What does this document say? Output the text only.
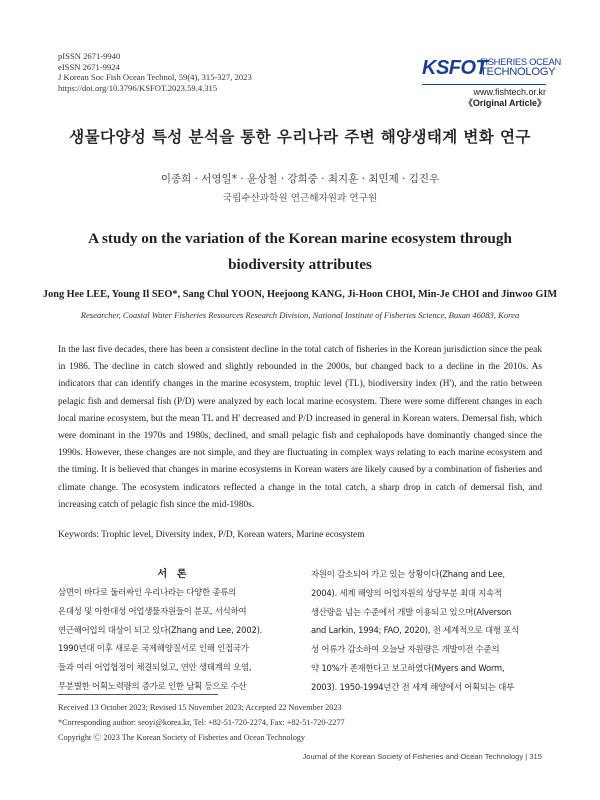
pISSN 2671-9940
eISSN 2671-9924
J Korean Soc Fish Ocean Technol, 59(4), 315-327, 2023
https://doi.org/10.3796/KSFOT.2023.59.4.315
KSFOT
FISHERIES OCEAN
TECHNOLOGY
www.fishtech.or.kr
《Original Article》
생물다양성 특성 분석을 통한 우리나라 주변 해양생태계 변화 연구
이종희 · 서영일* · 윤상철 · 강희중 · 최지훈 · 최민제 · 김진우
국립수산과학원 연근해자원과 연구원
A study on the variation of the Korean marine ecosystem through
biodiversity attributes
Jong Hee LEE, Young Il SEO*, Sang Chul YOON, Heejoong KANG, Ji-Hoon CHOI, Min-Je CHOI and Jinwoo GIM
Researcher, Coastal Water Fisheries Resources Research Division, National Institute of Fisheries Science, Busan 46083, Korea
In the last five decades, there has been a consistent decline in the total catch of fisheries in the Korean jurisdiction since the peak in 1986. The decline in catch slowed and slightly rebounded in the 2000s, but changed back to a decline in the 2010s. As indicators that can identify changes in the marine ecosystem, trophic level (TL), biodiversity index (H'), and the ratio between pelagic fish and demersal fish (P/D) were analyzed by each local marine ecosystem. There were some different changes in each local marine ecosystem, but the mean TL and H' decreased and P/D increased in general in Korean waters. Demersal fish, which were dominant in the 1970s and 1980s, declined, and small pelagic fish and cephalopods have dominantly changed since the 1990s. However, these changes are not simple, and they are fluctuating in complex ways relating to each marine ecosystem and the timing. It is believed that changes in marine ecosystems in Korean waters are likely caused by a combination of fisheries and climate change. The ecosystem indicators reflected a change in the total catch, a sharp drop in catch of demersal fish, and increasing catch of pelagic fish since the mid-1980s.
Keywords: Trophic level, Diversity index, P/D, Korean waters, Marine ecosystem
서 론
삼면이 바다로 둘러싸인 우리나라는 다양한 종류의
온대성 및 아한대성 어업생물자원들이 분포, 서식하여
연근해어업의 대상이 되고 있다(Zhang and Lee, 2002).
1990년대 이후 새로운 국제해양질서로 인해 인접국가
들과 여러 어업협정이 체결되었고, 연안 생태계의 오염,
무분별한 어획노력량의 증가로 인한 남획 등으로 수산
자원이 감소되어 가고 있는 상황이다(Zhang and Lee,
2004). 세계 해양의 어업자원의 상당부분 최대 지속적
생산량을 넘는 수준에서 개발 이용되고 있으며(Alverson
and Larkin, 1994; FAO, 2020), 전 세계적으로 대형 포식
성 어류가 감소하여 오늘날 자원량은 개발이전 수준의
약 10%가 존재한다고 보고하였다(Myers and Worm,
2003). 1950-1994년간 전 세계 해양에서 어획되는 대부
Received 13 October 2023; Revised 15 November 2023; Accepted 22 November 2023
*Corresponding author: seoyi@korea.kr, Tel: +82-51-720-2274, Fax: +82-51-720-2277
Copyright Ⓒ 2023 The Korean Society of Fisheries and Ocean Technology
Journal of the Korean Society of Fisheries and Ocean Technology | 315
